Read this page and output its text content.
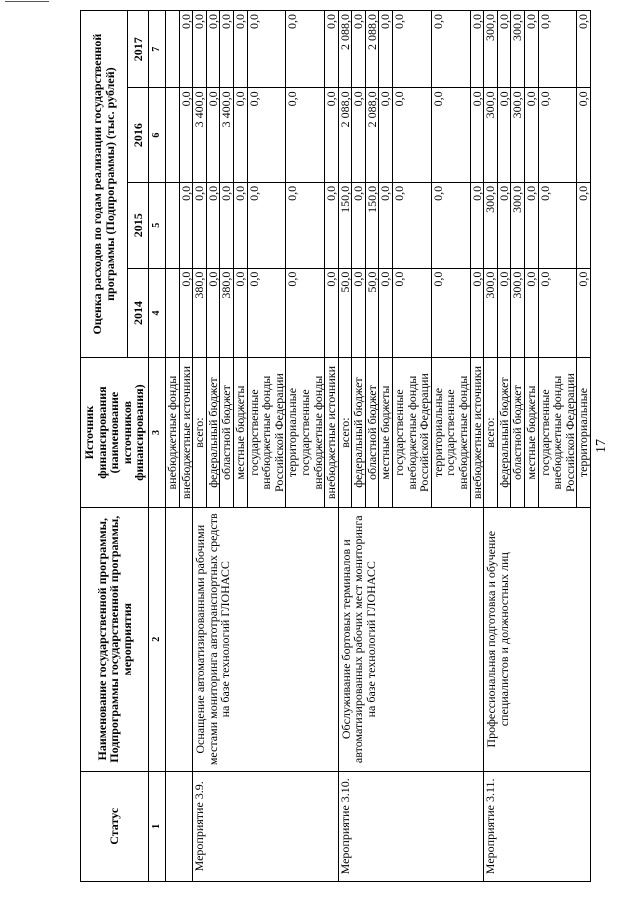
Статус	Наименование государственной программы, Подпрограммы государственной программы, мероприятия	Источник финансирования (наименование источников финансирования)	Оценка расходов по годам реализации государственной программы (Подпрограммы) (тыс. рублей)			
			2014	2015	2016	2017
1	2	3	4	5	6	7
		внебюджетные фонды				
		внебюджетные источники	0,0	0,0	0,0	0,0
Мероприятие 3.9.	Оснащение автоматизированными рабочими местами мониторинга автотранспортных средств на базе технологий ГЛОНАСС	всего:	380,0	0,0	3 400,0	0,0
		федеральный бюджет	0,0	0,0	0,0	0,0
		областной бюджет	380,0	0,0	3 400,0	0,0
		местные бюджеты	0,0	0,0	0,0	0,0
		государственные внебюджетные фонды Российской Федерации	0,0	0,0	0,0	0,0
		территориальные государственные внебюджетные фонды	0,0	0,0	0,0	0,0
		внебюджетные источники	0,0	0,0	0,0	0,0
Мероприятие 3.10.	Обслуживание бортовых терминалов и автоматизированных рабочих мест мониторинга на базе технологий ГЛОНАСС	всего:	50,0	150,0	2 088,0	2 088,0
		федеральный бюджет	0,0	0,0	0,0	0,0
		областной бюджет	50,0	150,0	2 088,0	2 088,0
		местные бюджеты	0,0	0,0	0,0	0,0
		государственные внебюджетные фонды Российской Федерации	0,0	0,0	0,0	0,0
		территориальные государственные внебюджетные фонды	0,0	0,0	0,0	0,0
		внебюджетные источники	0,0	0,0	0,0	0,0
Мероприятие 3.11.	Профессиональная подготовка и обучение специалистов и должностных лиц	всего:	300,0	300,0	300,0	300,0
		федеральный бюджет	0,0	0,0	0,0	0,0
		областной бюджет	300,0	300,0	300,0	300,0
		местные бюджеты	0,0	0,0	0,0	0,0
		государственные внебюджетные фонды Российской Федерации	0,0	0,0	0,0	0,0
		территориальные	0,0	0,0	0,0	0,0
17
